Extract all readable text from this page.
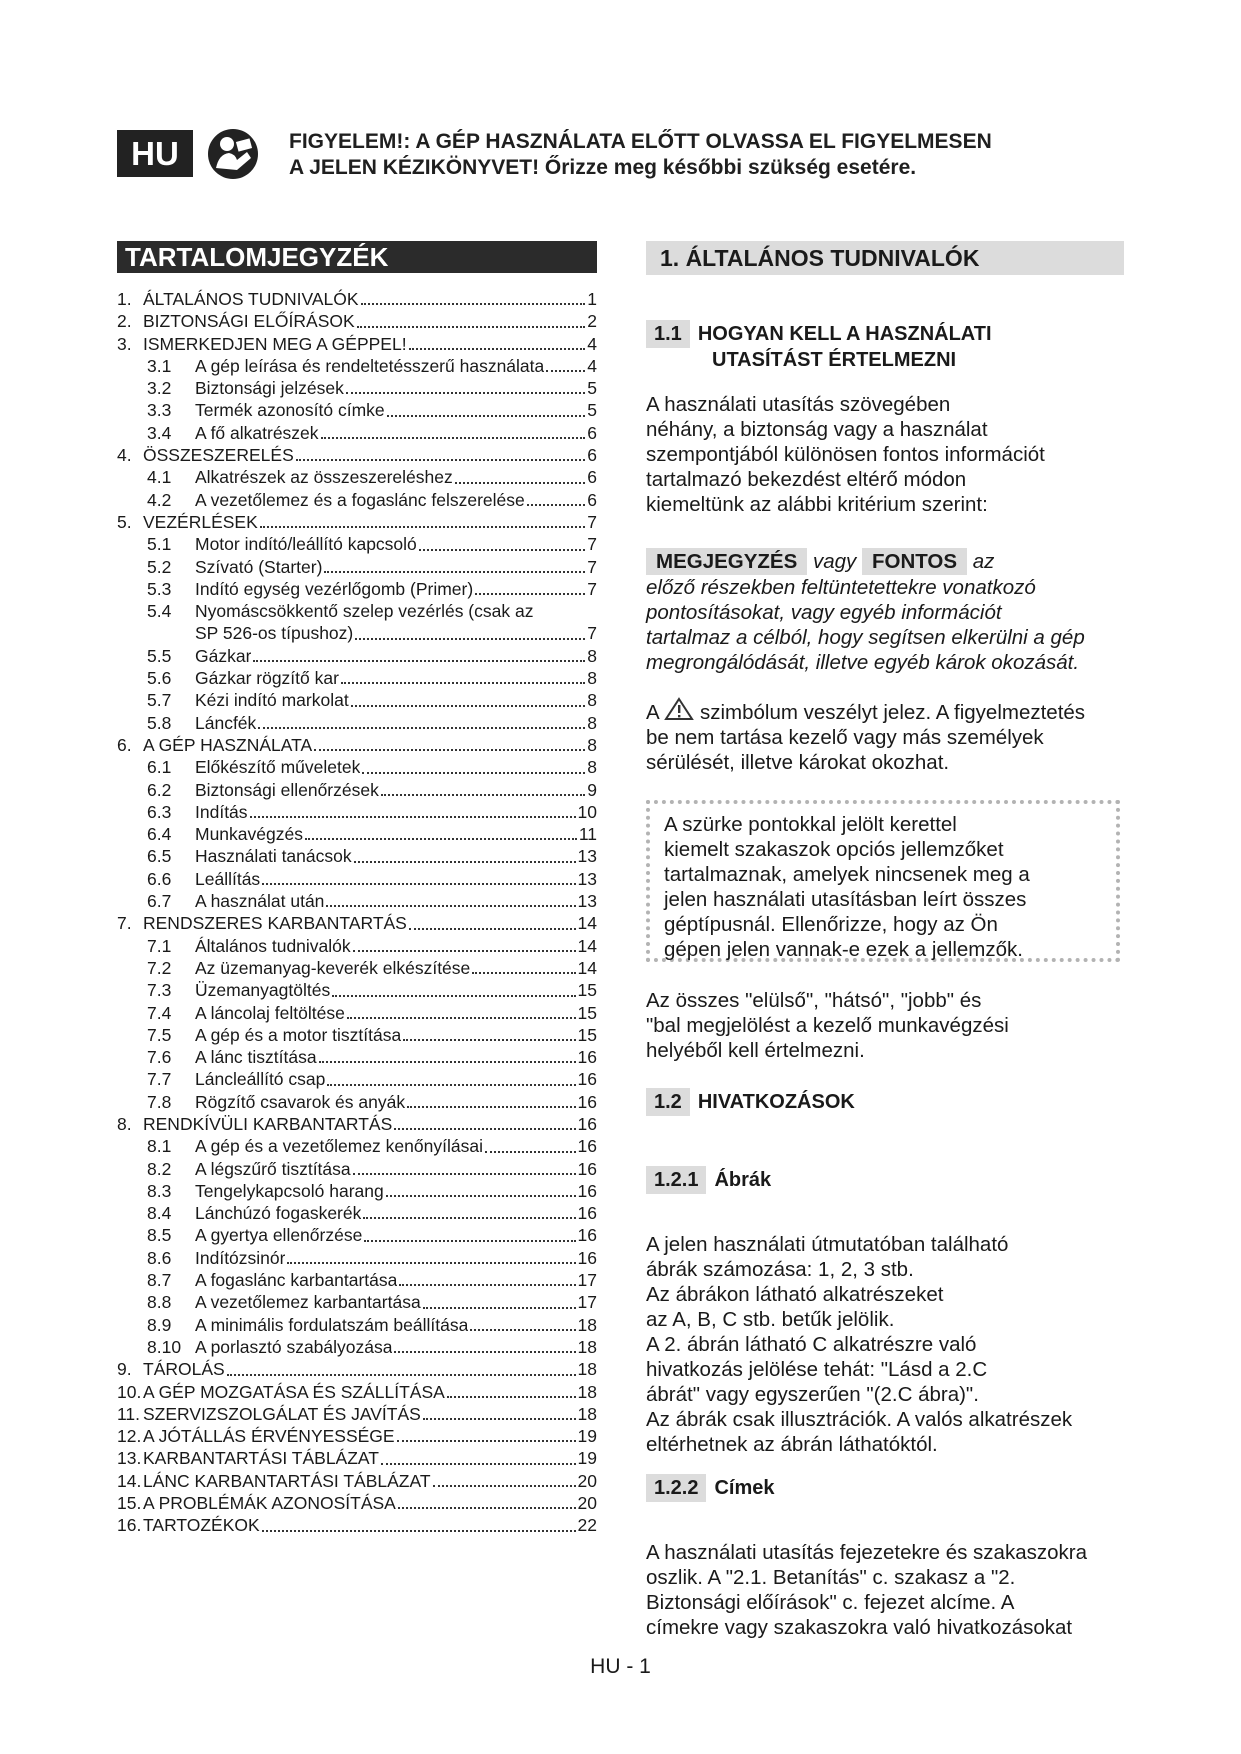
HU	FIGYELEM!: A GÉP HASZNÁLATA ELŐTT OLVASSA EL FIGYELMESEN
A JELEN KÉZIKÖNYVET! Őrizze meg későbbi szükség esetére.
TARTALOMJEGYZÉK
1. ÁLTALÁNOS TUDNIVALÓK	1
2. BIZTONSÁGI ELŐÍRÁSOK	2
3. ISMERKEDJEN MEG A GÉPPEL!	4
3.1	A gép leírása és rendeltetésszerű használata 4
3.2	Biztonsági jelzések	5
3.3	Termék azonosító címke	5
3.4	A fő alkatrészek	6
4. ÖSSZESZERELÉS	6
4.1	Alkatrészek az összeszereléshez	6
4.2	A vezetőlemez és a fogaslánc felszerelése	6
5. VEZÉRLÉSEK	7
5.1	Motor indító/leállító kapcsoló	7
5.2	Szívató (Starter)	7
5.3	Indító egység vezérlőgomb (Primer)	7
5.4	Nyomáscsökkentő szelep vezérlés (csak az
SP 526-os típushoz)	7
5.5	Gázkar	8
5.6	Gázkar rögzítő kar	8
5.7	Kézi indító markolat	8
5.8	Láncfék	8
6. A GÉP HASZNÁLATA	8
6.1	Előkészítő műveletek	8
6.2	Biztonsági ellenőrzések	9
6.3	Indítás	10
6.4	Munkavégzés	11
6.5	Használati tanácsok	13
6.6	Leállítás	13
6.7	A használat után	13
7. RENDSZERES KARBANTARTÁS	14
7.1	Általános tudnivalók	14
7.2	Az üzemanyag-keverék elkészítése	14
7.3	Üzemanyagtöltés	15
7.4	A láncolaj feltöltése	15
7.5	A gép és a motor tisztítása	15
7.6	A lánc tisztítása	16
7.7	Láncleállító csap	16
7.8	Rögzítő csavarok és anyák	16
8. RENDKÍVÜLI KARBANTARTÁS	16
8.1	A gép és a vezetőlemez kenőnyílásai	16
8.2	A légszűrő tisztítása	16
8.3	Tengelykapcsoló harang	16
8.4	Lánchúzó fogaskerék	16
8.5	A gyertya ellenőrzése	16
8.6	Indítózsinór	16
8.7	A fogaslánc karbantartása	17
8.8	A vezetőlemez karbantartása	17
8.9	A minimális fordulatszám beállítása	18
8.10 A porlasztó szabályozása	18
9. TÁROLÁS	18
10. A GÉP MOZGATÁSA ÉS SZÁLLÍTÁSA	18
11. SZERVIZSZOLGÁLAT ÉS JAVÍTÁS	18
12. A JÓTÁLLÁS ÉRVÉNYESSÉGE	19
13. KARBANTARTÁSI TÁBLÁZAT	19
14. LÁNC KARBANTARTÁSI TÁBLÁZAT	20
15. A PROBLÉMÁK AZONOSÍTÁSA	20
16. TARTOZÉKOK	22
1. ÁLTALÁNOS TUDNIVALÓK
1.1 HOGYAN KELL A HASZNÁLATI
UTASÍTÁST ÉRTELMEZNI
A használati utasítás szövegében
néhány, a biztonság vagy a használat
szempontjából különösen fontos információt
tartalmazó bekezdést eltérő módon
kiemeltünk az alábbi kritérium szerint:
MEGJEGYZÉS vagy FONTOS az
előző részekben feltüntetettekre vonatkozó
pontosításokat, vagy egyéb információt
tartalmaz a célból, hogy segítsen elkerülni a gép
megrongálódását, illetve egyéb károk okozását.
A szimbólum veszélyt jelez. A figyelmeztetés
be nem tartása kezelő vagy más személyek
sérülését, illetve károkat okozhat.
A szürke pontokkal jelölt kerettel
kiemelt szakaszok opciós jellemzőket
tartalmaznak, amelyek nincsenek meg a
jelen használati utasításban leírt összes
géptípusnál. Ellenőrizze, hogy az Ön
gépen jelen vannak-e ezek a jellemzők.
Az összes "elülső", "hátsó", "jobb" és
"bal megjelölést a kezelő munkavégzési
helyéből kell értelmezni.
1.2 HIVATKOZÁSOK
1.2.1 Ábrák
A jelen használati útmutatóban található
ábrák számozása: 1, 2, 3 stb.
Az ábrákon látható alkatrészeket
az A, B, C stb. betűk jelölik.
A 2. ábrán látható C alkatrészre való
hivatkozás jelölése tehát: "Lásd a 2.C
ábrát" vagy egyszerűen "(2.C ábra)".
Az ábrák csak illusztrációk. A valós alkatrészek
eltérhetnek az ábrán láthatóktól.
1.2.2 Címek
A használati utasítás fejezetekre és szakaszokra
oszlik. A "2.1. Betanítás" c. szakasz a "2.
Biztonsági előírások" c. fejezet alcíme. A
címekre vagy szakaszokra való hivatkozásokat
HU - 1
